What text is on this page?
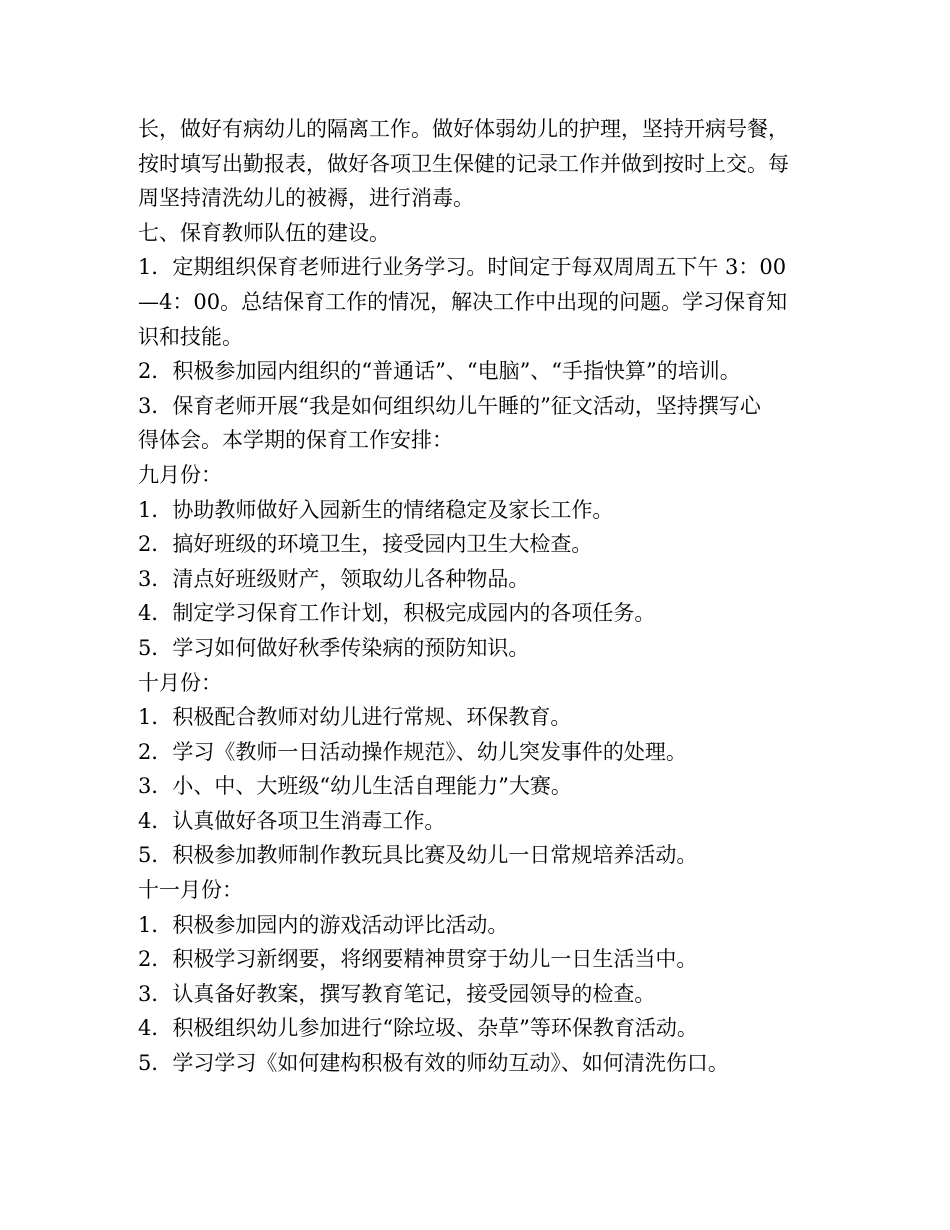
长，做好有病幼儿的隔离工作。做好体弱幼儿的护理，坚持开病号餐，
按时填写出勤报表，做好各项卫生保健的记录工作并做到按时上交。每
周坚持清洗幼儿的被褥，进行消毒。
七、保育教师队伍的建设。
1．定期组织保育老师进行业务学习。时间定于每双周周五下午 3：00
—4：00。总结保育工作的情况，解决工作中出现的问题。学习保育知
识和技能。
2．积极参加园内组织的“普通话”、“电脑”、“手指快算”的培训。
3．保育老师开展“我是如何组织幼儿午睡的”征文活动，坚持撰写心
得体会。本学期的保育工作安排：
九月份：
1．协助教师做好入园新生的情绪稳定及家长工作。
2．搞好班级的环境卫生，接受园内卫生大检查。
3．清点好班级财产，领取幼儿各种物品。
4．制定学习保育工作计划，积极完成园内的各项任务。
5．学习如何做好秋季传染病的预防知识。
十月份：
1．积极配合教师对幼儿进行常规、环保教育。
2．学习《教师一日活动操作规范》、幼儿突发事件的处理。
3．小、中、大班级“幼儿生活自理能力”大赛。
4．认真做好各项卫生消毒工作。
5．积极参加教师制作教玩具比赛及幼儿一日常规培养活动。
十一月份：
1．积极参加园内的游戏活动评比活动。
2．积极学习新纲要，将纲要精神贯穿于幼儿一日生活当中。
3．认真备好教案，撰写教育笔记，接受园领导的检查。
4．积极组织幼儿参加进行“除垃圾、杂草”等环保教育活动。
5．学习学习《如何建构积极有效的师幼互动》、如何清洗伤口。
